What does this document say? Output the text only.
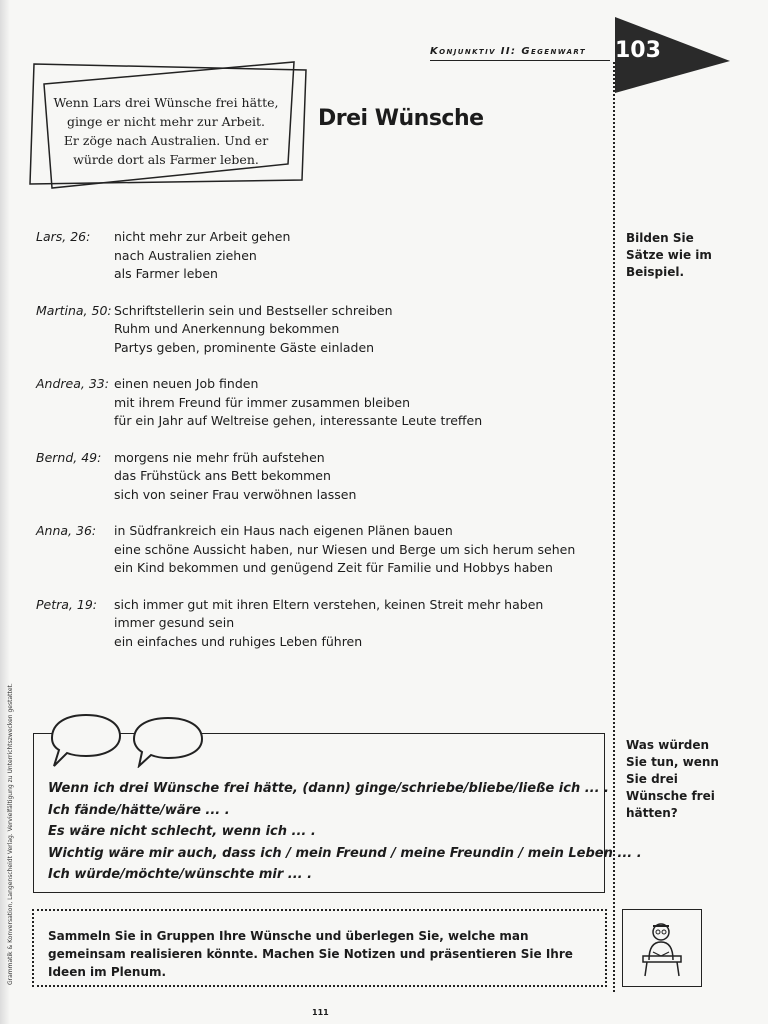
Konjunktiv II: Gegenwart 103
Wenn Lars drei Wünsche frei hätte,
ginge er nicht mehr zur Arbeit.
Er zöge nach Australien. Und er
würde dort als Farmer leben.
Drei Wünsche
Lars, 26:	nicht mehr zur Arbeit gehen
nach Australien ziehen
als Farmer leben
Martina, 50: Schriftstellerin sein und Bestseller schreiben
Ruhm und Anerkennung bekommen
Partys geben, prominente Gäste einladen
Andrea, 33: einen neuen Job finden
mit ihrem Freund für immer zusammen bleiben
für ein Jahr auf Weltreise gehen, interessante Leute treffen
Bernd, 49:	morgens nie mehr früh aufstehen
das Frühstück ans Bett bekommen
sich von seiner Frau verwöhnen lassen
Anna, 36:	in Südfrankreich ein Haus nach eigenen Plänen bauen
eine schöne Aussicht haben, nur Wiesen und Berge um sich herum sehen
ein Kind bekommen und genügend Zeit für Familie und Hobbys haben
Petra, 19:	sich immer gut mit ihren Eltern verstehen, keinen Streit mehr haben
immer gesund sein
ein einfaches und ruhiges Leben führen
Bilden Sie Sätze wie im Beispiel.
Was würden Sie tun, wenn Sie drei Wünsche frei hätten?
Wenn ich drei Wünsche frei hätte, (dann) ginge/schriebe/bliebe/ließe ich ... .
Ich fände/hätte/wäre ... .
Es wäre nicht schlecht, wenn ich ... .
Wichtig wäre mir auch, dass ich / mein Freund / meine Freundin / mein Leben ... .
Ich würde/möchte/wünschte mir ... .
Sammeln Sie in Gruppen Ihre Wünsche und überlegen Sie, welche man gemeinsam realisieren könnte. Machen Sie Notizen und präsentieren Sie Ihre Ideen im Plenum.
111
Grammatik & Konversation, Langenscheidt Verlag. Vervielfältigung zu Unterrichtszwecken gestattet.
